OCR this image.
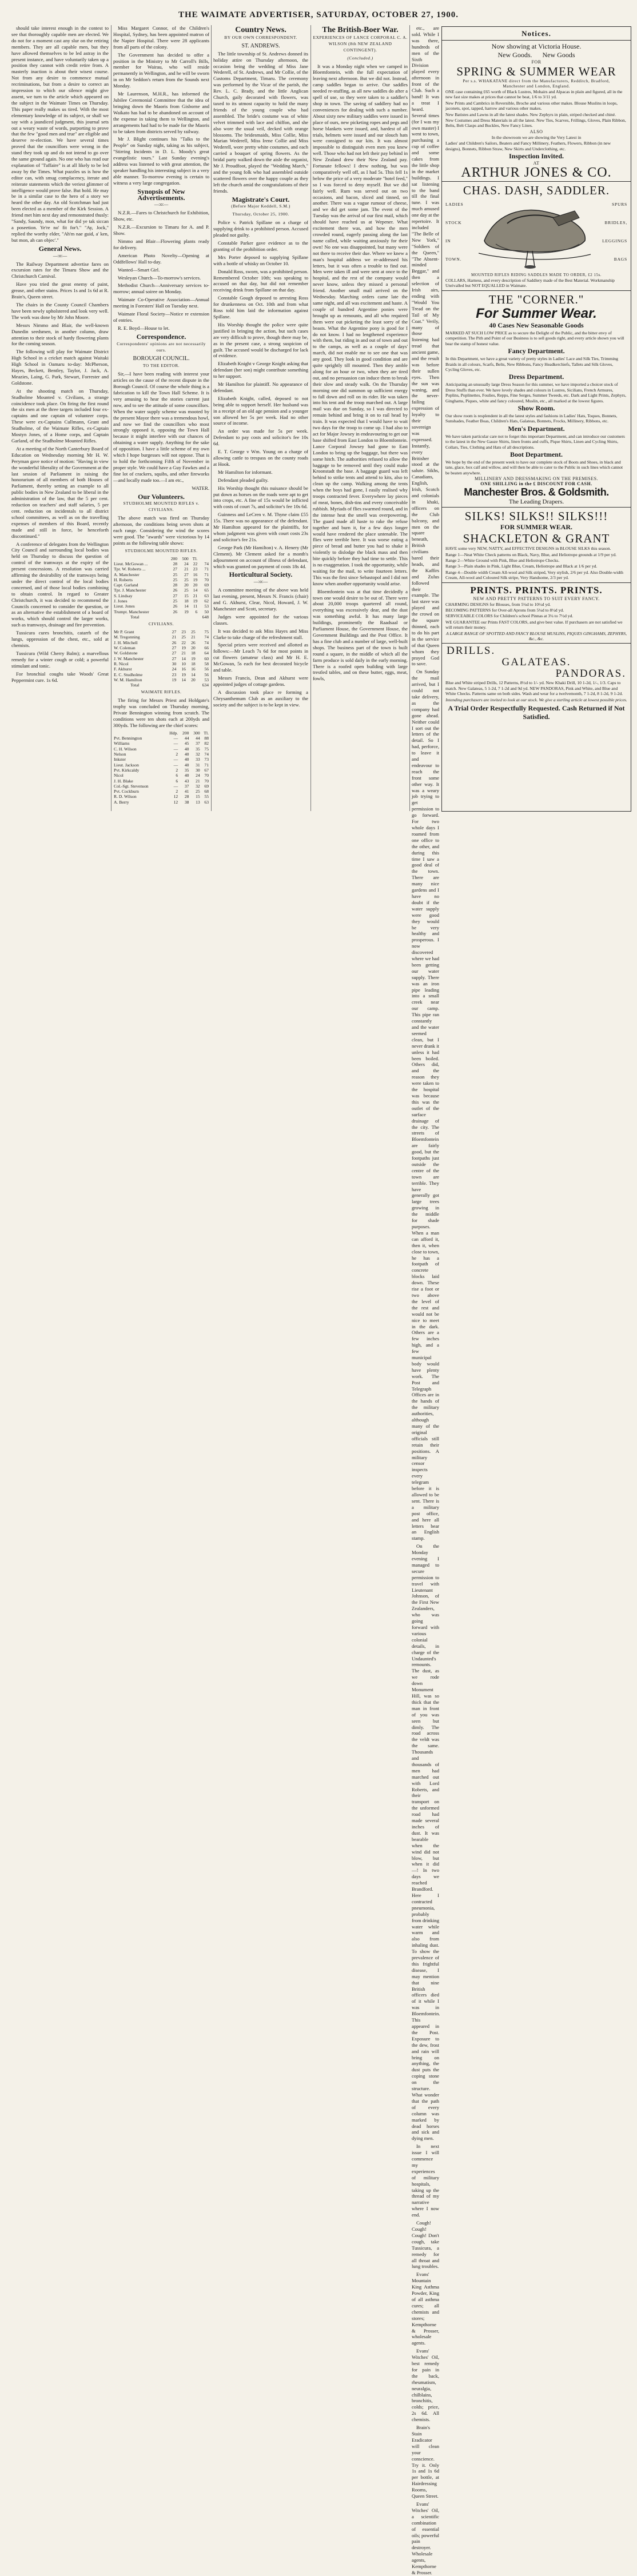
THE WAIMATE ADVERTISER, SATURDAY, OCTOBER 27, 1900.

should take interest enough in the contest to see that thoroughly capable men are elected. We do not for a moment cast any slur on the retiring members. They are all capable men, but they have allowed themselves to be led astray in the present instance, and have voluntarily taken up a position they cannot with credit retire from. A masterly inaction is about their wisest course. Not from any desire to commence mutual recriminations, but from a desire to correct an impression to which our silence might give assent, we turn to the article which appeared on the subject in the Waimate Times on Thursday. This paper really makes us tired. With the most elementary knowledge of its subject, or shall we say with a jaundiced judgment, this journal sets out a weary waste of words, purporting to prove that the few "good men and true" are eligible and deserve re-election. We have several times proved that the councillors were wrong in the stand they took up and do not intend to go over the same ground again. No one who has read our explanation of "l'affaire" is at all likely to be led away by the Times. What puzzles us is how the editor can, with smug complacency, iterate and reiterate statements which the veriest glimmer of intelligence would prove false. But hold. He may be in a similar case to the hero of a story we heard the other day. An old Scotchman had just been elected as a member of the Kirk Session. A friend met him next day and remonstrated thusly: "Sandy, Saundy, mon, what for did ye tak siccan a poseetion. Ye're no' fit for't." "Ay, Jock," replied the worthy elder, "Ah'm nae guid, a' ken, but mon, ah can objec'."

General News.
—:o:—

The Railway Department advertise fares on excursion rates for the Timaru Show and the Christchurch Carnival.

Have you tried the great enemy of paint, grease, and other stains. Prices 1s and 1s 6d at R. Brain's, Queen street.

The chairs in the County Council Chambers have been newly upholstered and look very well. The work was done by Mr John Moore.

Messrs Nimmo and Blair, the well-known Dunedin seedsmen, in another column, draw attention to their stock of hardy flowering plants for the coming season.

The following will play for Waimate District High School in a cricket match against Waitaki High School in Oamaru to-day: McPherson, Hayes, Beckett, Bentley, Taylor, J. Jack, A. Meazies, Laing, G. Park, Stewart, Forrester and Goldstone.

At the shooting match on Thursday, Studholme Mounted v. Civilians, a strange coincidence took place. On firing the first round the six men at the three targets included four ex-captains and one captain of volunteer corps. These were ex-Captains Cullmann, Grant and Studholme, of the Waimate Rifles, ex-Captain Mostyn Jones, of a Home corps, and Captain Garland, of the Studholme Mounted Rifles.

At a meeting of the North Canterbury Board of Education on Wednesday morning Mr H. W. Peryman gave notice of motion: "Having in view the wonderful liberality of the Government at the last session of Parliament in raising the honorarium of all members of both Houses of Parliament, thereby setting an example to all public bodies in New Zealand to be liberal in the administration of the law, that the 5 per cent. reduction on teachers' and staff salaries, 5 per cent. reduction on incidentals to all district school committees, as well as on the travelling expenses of members of this Board, recently made and still in force, be henceforth discontinued."

A conference of delegates from the Wellington City Council and surrounding local bodies was held on Thursday to discuss the question of control of the tramways at the expiry of the present concessions. A resolution was carried affirming the desirability of the tramways being under the direct control of the local bodies concerned, and of those local bodies combining to obtain control. In regard to Greater Christchurch, it was decided to recommend the Councils concerned to consider the question, or as an alternative the establishment of a board of works, which should control the larger works, such as tramways, drainage and fire prevention.

Tussicura cures bronchitis, catarrh of the lungs, oppression of the chest, etc., sold at chemists.

Tussicura (Wild Cherry Balm); a marvellous remedy for a winter cough or cold; a powerful stimulant and tonic.

For bronchial coughs take Woods' Great Peppermint cure. 1s 6d.

Miss Margaret Connor, of the Children's Hospital, Sydney, has been appointed matron of the Napier Hospital. There were 28 applicants from all parts of the colony.

The Government has decided to offer a position in the Ministry to Mr Carroll's Bills, member for Wairau, who will reside permanently in Wellington, and he will be sworn in on Mr Seddon's return from the Sounds next Monday.

Mr Laurenson, M.H.R., has informed the Jubilee Ceremonial Committee that the idea of bringing down the Maoris from Gisborne and Waikato has had to be abandoned on account of the expense in taking them to Wellington, and arrangements had had to be made for the Maoris to be taken from districts served by railway.

Mr J. Blight continues his "Talks to the People" on Sunday night, taking as his subject, "Stirring Incidents in D. L. Moody's great evangelistic tours." Last Sunday evening's address was listened to with great attention, the speaker handling his interesting subject in a very able manner. To-morrow evening is certain to witness a very large congregation.

Synopsis of New Advertisements.
—:o:—

N.Z.R.—Fares to Christchurch for Exhibition, Show, etc.

N.Z.R.—Excursion to Timaru for A. and P. Show.

Nimmo and Blair—Flowering plants ready for delivery.

American Photo Novelty—Opening at Oddfellows' Hall to-day.

Wanted—Smart Girl.

Wesleyan Church—To-morrow's services.

Methodist Church—Anniversary services to-morrow; annual soiree on Monday.

Waimate Co-Operative Association—Annual meeting in Foresters' Hall on Tuesday next.

Waimate Floral Society—Notice re extension of entries.

R. E. Boyd—House to let.

Correspondence.
Correspondents' opinions are not necessarily ours.
BOROUGH COUNCIL.
TO THE EDITOR.

Sir,—I have been reading with interest your articles on the cause of the recent dispute in the Borough Council. Of course the whole thing is a fabrication to kill the Town Hall Scheme. It is very amusing to hear the stories current just now, and to see the attitude of some councillors. When the water supply scheme was mooted by the present Mayor there was a tremendous howl, and now we find the councillors who most strongly opposed it, opposing the Town Hall because it might interfere with our chances of obtaining a water supply. Anything for the sake of opposition. I have a little scheme of my own which I hope burgesses will not oppose. That is to hold the forthcoming Fifth of November in proper style. We could have a Guy Fawkes and a fine lot of crackers, squibs, and other fireworks—and locally made too.—I am etc.,

WATER.
Our Volunteers.
STUDHOLME MOUNTED RIFLES v. CIVILIANS.

The above match was fired on Thursday afternoon, the conditions being seven shots at each range. Considering the wind the scores were good. The "awards" were victorious by 14 points as the following table shows:

STUDHOLME MOUNTED RIFLES.
	200	500	Tl.	
Lieut. McGowan ...	28	24	22	74
Tpr. W. Roberts ...	27	21	23	71
A. Manchester	25	27	16	71
H. Roberts	25	25	19	70
Capt. Garland	28	20	20	69
Tpr. J. Manchester	26	25	14	65
S. Lindsay	27	15	21	63
J. Jones	25	18	19	62
Lieut. Jones	26	14	11	53
Trumpt. Manchester	26	19	6	50
Total				648
CIVILIANS.
Mr P. Grant	27	23	25	75
M. Tregonning	21	25	21	74
J. H. Mitchell	26	22	26	74
W. Coleman	27	19	20	66
W. Goldstone	27	21	18	64
J. W. Manchester	27	14	19	60
R. Nicol	30	10	18	58
F. Akhurst	24	16	16	56
E. C. Studholme	23	19	14	56
W. M. Hamilton	19	14	20	53
Total				634
WAIMATE RIFLES.

The firing for Messrs Priest and Holdgate's trophy was concluded on Thursday morning, Private Bennington winning from scratch. The conditions were ten shots each at 200yds and 300yds. The following are the chief scores:

	Hdp.	200	300	Tl.
Pvt. Bennington	—	44	44	88
Williams	—	45	37	82
C. H. Wilson	—	40	35	75
Nelson	2	40	32	74
Inkster	—	40	33	73
Lieut. Jackson	—	40	31	71
Pvt. Kirkcaldy	2	35	30	67
Nicol	6	40	24	70
J. H. Blake	6	43	21	70
Col.-Sgt. Stevenson	—	37	32	69
Pvt. Cockburn	2	41	25	68
R. D. Wilson	12	28	15	55
A. Berry	12	38	13	63
Country News.
BY OUR OWN CORRESPONDENT.
ST. ANDREWS.

The little township of St. Andrews donned its holiday attire on Thursday afternoon, the occasion being the wedding of Miss Jane Wederell, of St. Andrews, and Mr Collie, of the Customs Department, Timaru. The ceremony was performed by the Vicar of the parish, the Rev. L. C. Brady, and the little Anglican Church, gaily decorated with flowers, was taxed to its utmost capacity to hold the many friends of the young couple who had assembled. The bride's costume was of white velvet trimmed with lace and chiffon, and she also wore the usual veil, decked with orange blossoms. The bridesmaids, Miss Collie, Miss Marian Wederell, Miss Irene Collie and Miss Wederell, wore pretty white costumes, and each carried a bouquet of spring flowers. As the bridal party walked down the aisle the organist, Mr J. Proudfoot, played the "Wedding March," and the young folk who had assembled outside scattered flowers over the happy couple as they left the church amid the congratulations of their friends.

Magistrate's Court.
(Before Major Keddell, S.M.)
Thursday, October 25, 1900.

Police v. Patrick Spillane on a charge of supplying drink to a prohibited person. Accused pleaded not guilty.

Constable Parker gave evidence as to the granting of the prohibition order.

Mrs Porter deposed to supplying Spillane with a bottle of whisky on October 10.

Donald Ross, sworn, was a prohibited person. Remembered October 10th; was speaking to accused on that day, but did not remember receiving drink from Spillane on that day.

Constable Gough deposed to arresting Ross for drunkenness on Oct. 10th and from what Ross told him laid the information against Spillane.

His Worship thought the police were quite justified in bringing the action, but such cases are very difficult to prove, though there may be, as in the present case, a strong suspicion of guilt. The accused would be discharged for lack of evidence.

Elizabeth Knight v George Knight asking that defendant (her son) might contribute something to her support.

Mr Hamilton for plaintiff. No appearance of defendant.

Elizabeth Knight, called, deposed to not being able to support herself. Her husband was in a receipt of an old age pension and a younger son allowed her 5s per week. Had no other source of income.

An order was made for 5s per week. Defendant to pay costs and solicitor's fee 10s 6d.

E. T. George v Wm. Young on a charge of allowing cattle to trespass on the county roads at Hook.

Mr Hamilton for informant.

Defendant pleaded guilty.

His Worship thought this nuisance should be put down as horses on the roads were apt to get into crops, etc. A fine of 15s would be inflicted with costs of court 7s, and solicitor's fee 10s 6d.

Guinness and LeCren v. M. Thyne claim £55 15s. There was no appearance of the defendant. Mr Hamilton appeared for the plaintiffs, for whom judgment was given with court costs 23s and solicitor's fee 21s.

George Park (Mr Hamilton) v. A. Henery (Mr Clement). Mr Clement asked for a month's adjournment on account of illness of defendant, which was granted on payment of costs 18s 4d.

Horticultural Society.
—:o:—

A committee meeting of the above was held last evening, present, Messrs N. Francis (chair) and G. Akhurst, Clear, Nicol, Howard, J. W. Manchester and Scott, secretary.

Judges were appointed for the various classes.

It was decided to ask Miss Hayes and Miss Clarke to take charge of the refreshment stall.

Special prizes were received and allotted as follows:—Mr Leach 7s 6d for most points in cut flowers (amateur class) and Mr H. E. McGowan, 5s each for best decorated bicycle and table.

Messrs Francis, Dean and Akhurst were appointed judges of cottage gardens.

A discussion took place re forming a Chrysanthemum Club as an auxiliary to the society and the subject is to be kept in view.

The British-Boer War.
EXPERIENCES OF LANCE CORPORAL C. A. WILSON (8th NEW ZEALAND CONTINGENT).
(Concluded.)

It was a Monday night when we camped in Bloemfontein, with the full expectation of leaving next afternoon. But we did not. Instead, camp saddles began to arrive. Our saddles needed re-stuffing, as all new saddles do after a spell of use, so they were taken to a saddler's shop in town. The saving of saddlery had no conveniences for dealing with such a number. About sixty new military saddles were issued in place of ours, new picketing ropes and pegs and horse blankets were issued, and, hardest of all trials, helmets were issued and our slouch hats were consigned to our kits. It was almost impossible to distinguish even men you knew well. Those who had not left their pay behind in New Zealand drew their New Zealand pay. Fortunate fellows! I drew nothing, but was comparatively well off, as I had 5s. This fell 1s below the price of a very moderate "hotel feed," so I was forced to deny myself. But we did fairly well. Rum was served out on two occasions, and bacon, sliced and tinned, on another. There was a vague rumour of cheese, and we did get some jam. The event of the Tuesday was the arrival of our first mail, which should have reached us at Wepener. What excitement there was, and how the men crowded round, eagerly passing along the last name called, while waiting anxiously for their own! No one was disappointed, but many were not there to receive their due. Where we knew a man's hospital address we re-addressed his letters, but it was often a trouble to find out. Men were taken ill and were sent at once to the hospital, and the rest of the company would never know, unless they missed a personal friend. Another small mail arrived on the Wednesday. Marching orders came late the same night, and all was excitement and haste. A couple of hundred Argentine ponies were brought up as remounts, and all who required them were out picketing the least sorry of the beasts. What the Argentine pony is good for I do not know. I had no lengthened experience with them, but riding in and out of town and out to the camps, as well as a couple of days' march, did not enable me to see one that was any good. They look in good condition and are quite sprightly till mounted. Then they amble along for an hour or two, when they are tired out, and no persuasion can induce them to break their slow and steady walk. On the Thursday morning one did summon up sufficient energy to fall down and roll on its rider. He was taken into his tent and the troop marched out. A large mail was due on Sunday, so I was directed to remain behind and bring it on to rail head by train. It was expected that I would have to wait two days for the troop to come up. I had also to act for Major Jowsey in endeavouring to get our base shifted from East London to Bloemfontein. Lance Corporal Jowsey had gone to East London to bring up the baggage, but there was some hitch. The authorities refused to allow the baggage to be removed until they could make Kroonstadt the base. A baggage guard was left behind to strike tents and attend to kits, also to clean up the camp. Walking among the tents when the boys had gone, I easily realised why troops contracted fever. Everywhere lay pieces of meat, bones, dish-tins and every conceivable rubbish. Myriads of flies swarmed round, and in the intense heat the smell was overpowering. The guard made all haste to rake the refuse together and burn it, for a few days longer would have rendered the place untenable. The flies were terrible here. It was worse eating a piece of bread and butter you had to shake it violently to dislodge the black mass and then bite quickly before they had time to settle. This is no exaggeration. I took the opportunity, while waiting for the mail, to write fourteen letters. This was the first since Sebastopol and I did not know when another opportunity would arise.

Bloemfontein was at that time decidedly a town one would desire to be out of. There were about 20,000 troops quartered all round, everything was excessively dear, and the dust was something awful. It has many large buildings, prominently the Raadsaal or Parliament House, the Government House, the Government Buildings and the Post Office. It has a fine club and a number of large, well-built shops. The business part of the town is built round a square, in the middle of which all the farm produce is sold daily in the early morning. There is a roofed open building with large trestled tables, and on these butter, eggs, meat, fowls,

etc., are sold. While I was there, hundreds of men of the Sixth Division played every afternoon in front of the Club. Such a band! It was a treat I heard. Several times (for I was my own master) I went to town, purchasing a cup of coffee and some cakes from the little shop in the market buildings. I sat listening to the band till the final tune. I was much amused one day at the repertoire. It included "The Belle of New York," "Soldiers of the Queen," "The Absent-minded Beggar," and then a selection of Irish airs, ending with "Would You Tread on the Tail of My Coat." Verily, many of those listening had tread that ancient game, and the result was before their sullen eyes. Then the sun was waning, and the never-failing expression of loyalty to their sovereign was expressed. Instantly, every Britisher stood at the salute. Sikhs, Canadians, English, Irish, Scotch and colonials in khaki, officers on the Club balcony, and men on the square beneath, British civilians bared their heads, and the Kaffirs and Zulus followed their example. The last stave was played and the crowd on the square thinned, each to do his part in the service of that Queen whom they prayed God to save.

On Sunday the mail arrived, but I could not take delivery, as the company had gone ahead. Neither could I sort out the letters of the detail. So I had, perforce, to leave it and endeavour to reach the front some other way. It was a weary job trying to get permission to go forward. For two whole days I roamed from one office to the other, and during this time I saw a good deal of the town. There are many nice gardens and I have no doubt if the water supply were good they would be very healthy and prosperous. I now discovered where we had been getting our water supply. There was an iron pipe leading into a small creek near our camp. This pipe ran constantly and the water seemed clean, but I never drank it unless it had been boiled. Others did, and the reason they were taken to the hospital was because this was the outlet of the surface drainage of the city. The streets of Bloemfontein are fairly good, but the footpaths just outside the centre of the town are terrible. They have generally got large trees growing in the middle for shade purposes. When a man can afford it, then it, when close to town, he has a footpath of concrete blocks laid down. These rise a foot or two above the level of the rest and would not be nice to meet in the dark. Others are a few inches high, and a few municipal body would have plenty work. The Post and Telegraph Offices are in the hands of the military authorities, although many of the original officials still retain their positions. A military censor inspects every telegram before it is allowed to be sent. There is a military post office, and here all letters bear an English stamp.

On the Monday evening I managed to secure permission to travel with Lieutenant Johnson, of the First New Zealanders, who was going forward with various colonial details, in charge of the Undaunted's remounts. The dust, as we rode down Monument Hill, was so thick that the man in front of you was seen but dimly. The road across the veldt was the same. Thousands and thousands of men had marched out with Lord Roberts, and their transport on the unformed road had made several inches of dust. It was bearable when the wind did not blow, but when it did—! In two days we reached Brandford. Here I contracted pneumonia, probably from drinking water while warm and also from inhaling dust. To show the prevalence of this frightful disease, I may mention that nine British officers died of it while I was in Bloemfontein. This appeared in the Post. Exposure to the dew, frost and rain will bring on anything, the dust puts the coping stone on the structure. What wonder that the path of every column was marked by dead horses and sick and dying men.

In next issue I will commence my experiences of military hospitals, taking up the thread of my narrative where I now end.

Cough! Cough! Cough! Don't cough, take Tussicura, a remedy for all throat and lung troubles.

Evans' Mountain King Asthma Powder, King of all asthma cures; all chemists and stores; Kempthorne & Prosser, wholesale agents.

Evans' Witches' Oil, best remedy for pain in the back, rheumatism, neuralgia, chilblains, bronchitis, colds; price, 2s 6d. All chemists.

Brain's Stain Eradicator will clean your conscience. Try it. Only 1s and 1s 6d per bottle, at Hairdressing Rooms, Queen Street.

Evans' Witches' Oil, a scientific combination of essential oils; powerful pain destroyer. Wholesale agents, Kempthorne & Prosser.

Notices.
Now showing at Victoria House.
New Goods. New Goods
FOR
SPRING & SUMMER WEAR
Per s.s. WHAKATANE direct from the Manufacturers, Redditch, Bradford,
Manchester and London, England.
ONE case containing £65 worth of Black Lustres, Mohairs and Alpacas in plain and figured, all in the new fast size makes at prices that cannot be beat, 1/6 to 3/11 yd.
New Prints and Cambrics in Reversible, Broche and various other makes. Blouse Muslins in loops, jaconets, spot, tapped, harrow and various other makes.
New Batistes and Lawns in all the latest shades. New Zephyrs in plain, striped checked and chiné.
New Costumes and Dress Materials in all the latest. New Ties, Scarves, Frillings, Gloves, Plain Ribbon, Belts, Belt Clasps and Buckles, New Fancy Lines.
ALSO
In the showroom we are showing the Very Latest in
Ladies' and Children's Sailors, Beaters and Fancy Millinery, Feathers, Flowers, Ribbon (in new designs), Bonnets, Ribbon Straw, New Skirts and Underclothing, etc.
Inspection Invited.
AT
ARTHUR JONES & CO.
CHAS. DASH, SADDLER.
LADIES
STOCK
IN
TOWN.
SPURS
BRIDLES,
LEGGINGS
BAGS
MOUNTED RIFLES RIDING SADDLES MADE TO ORDER, £2 15s.
COLLARS, Harness, and every description of Saddlery made of the Best Material. Workmanship Unrivalled but NOT EQUALLED in Waimate.
THE "CORNER."
For Summer Wear.
40 Cases New Seasonable Goods
MARKED AT SUCH LOW PRICE as to secure the Delight of the Public, and the bitter envy of competition. The Pith and Point of our Business is to sell goods right, and every article shown you will bear the stamp of honest value.
Fancy Department.
In this Department, we have a great variety of pretty styles in Ladies' Lace and Silk Ties, Trimming Braids in all colours, Scarfs, Belts, New Ribbons, Fancy Headkerchiefs, Tallets and Silk Gloves, Cycling Gloves, etc.
Dress Department.
Anticipating an unusually large Dress Season for this summer, we have imported a choicer stock of Dress Stuffs than ever. We have lovely shades and colours in Lustres, Sicilians, French Armures, Poplins, Poplinettes, Foulies, Repps, Fine Serges, Summer Tweeds, etc. Dark and Light Prints, Zephyrs, Ginghams, Piques, white and fancy coloured, Muslin, etc., all marked at the lowest figures.
Show Room.
Our show room is resplendent in all the latest styles and fashions in Ladies' Hats, Toques, Bonnets, Sunshades, Feather Boas, Children's Hats, Galateas, Bonnets, Frocks, Millinery, Ribbons, etc.
Men's Department.
We have taken particular care not to forget this important Department, and can introduce our customers to the latest in the New Gauze Shirts, linen fronts and cuffs, Pique Shirts, Linen and Cycling Shirts, Collars, Ties, Clothing and Hats of all descriptions.
Boot Department.
We hope by the end of the present week to have our complete stock of Boots and Shoes, in black and tans, glace, box calf and willow, and will then be able to cater to the Public in such lines which cannot be beaten anywhere.
MILLINERY AND DRESSMAKING ON THE PREMISES.
ONE SHILLING in the £ DISCOUNT FOR CASH.
Manchester Bros. & Goldsmith.
The Leading Drapers.
SILKS! SILKS!! SILKS!!!
FOR SUMMER WEAR.
SHACKLETON & GRANT
HAVE some very NEW, NATTY, and EFFECTIVE DESIGNS in BLOUSE SILKS this season.
Range 1—Neat White Check patterns on Black, Navy, Blue, and Heliotrope grounds at 1/9 per yd.
Range 2—White Ground with Pink, Blue and Heliotrope Checks.
Range 3—Plain shades in Pink, Light Blue, Cream, Heliotrope and Black at 1/6 per yd.
Range 4—Double width Cream All-wool and Silk striped, Very stylish, 2/6 per yd. Also Double-width Cream, All-wool and Coloured Silk stripe, Very Handsome, 2/3 per yd.
PRINTS. PRINTS. PRINTS.
NEW AND PRETTY PATTERNS TO SUIT EVERY FANCY.
CHARMING DESIGNS for Blouses, from 5¼d to 10½d yd.
BECOMING PATTERNS for Over-all Aprons from 5¼d to 8½d yd.
SERVICEABLE COLORS for Children's school Pinnas at 3¼ to 7½d yd.
WE GUARANTEE our Prints FAST COLORS, and give best value. If purchasers are not satisfied we will return their money.
A LARGE RANGE OF SPOTTED AND FANCY BLOUSE MUSLINS, PIQUES GINGHAMS, ZEPHYRS, &c., &c.
DRILLS.
GALATEAS.
PANDORAS.
Blue and White striped Drills, 12 Patterns, 8½d to 1/- yd. New Khaki Drill, 10 1-2d, 1/-, 1/3. Caps to match. New Galateas, 5 1-2d, 7 1-2d and 9d yd. NEW PANDORAS, Pink and White, and Blue and White Checks. Patterns same on both sides. Wash and wear for a twelvemonth, 7 1-2d, 8 1-2d, 9 1-2d.
Intending purchasers are invited to look at our stock. We give a sterling article at lowest possible prices.
A Trial Order Respectfully Requested. Cash Returned if Not Satisfied.
